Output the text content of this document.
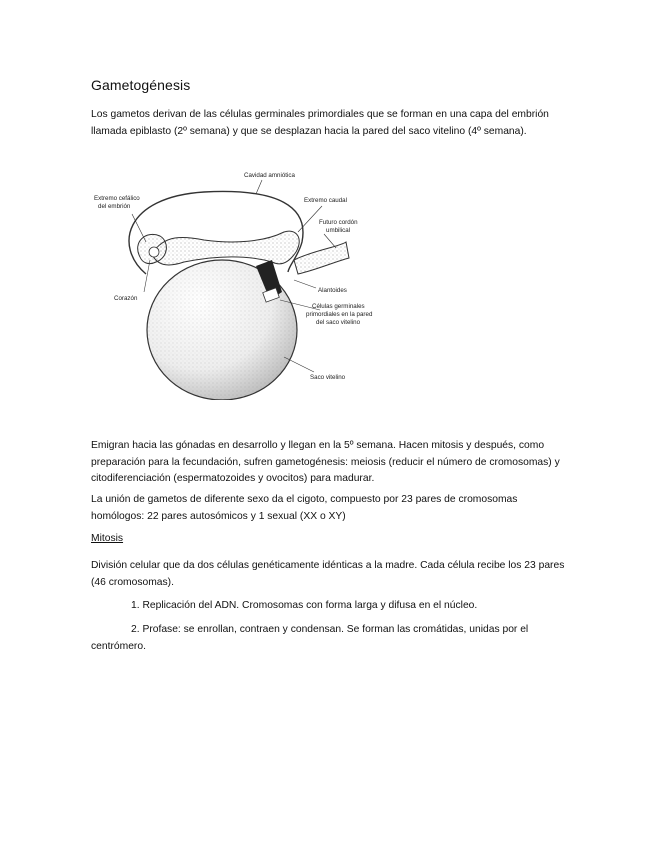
Gametogénesis

Los gametos derivan de las células germinales primordiales que se forman en una capa del embrión llamada epiblasto (2º semana) y que se desplazan hacia la pared del saco vitelino (4º semana).

Cavidad amniótica
Extremo cefálico
del embrión
Extremo caudal
Futuro cordón
umbilical
Corazón
Alantoides
Células germinales
primordiales en la pared
del saco vitelino
Saco vitelino

Emigran hacia las gónadas en desarrollo y llegan en la 5º semana. Hacen mitosis y después, como preparación para la fecundación, sufren gametogénesis: meiosis (reducir el número de cromosomas) y citodiferenciación (espermatozoides y ovocitos) para madurar.

La unión de gametos de diferente sexo da el cigoto, compuesto por 23 pares de cromosomas homólogos: 22 pares autosómicos y 1 sexual (XX o XY)

Mitosis

División celular que da dos células genéticamente idénticas a la madre. Cada célula recibe los 23 pares (46 cromosomas).

1. Replicación del ADN. Cromosomas con forma larga y difusa en el núcleo.

2. Profase: se enrollan, contraen y condensan. Se forman las cromátidas, unidas por el centrómero.
